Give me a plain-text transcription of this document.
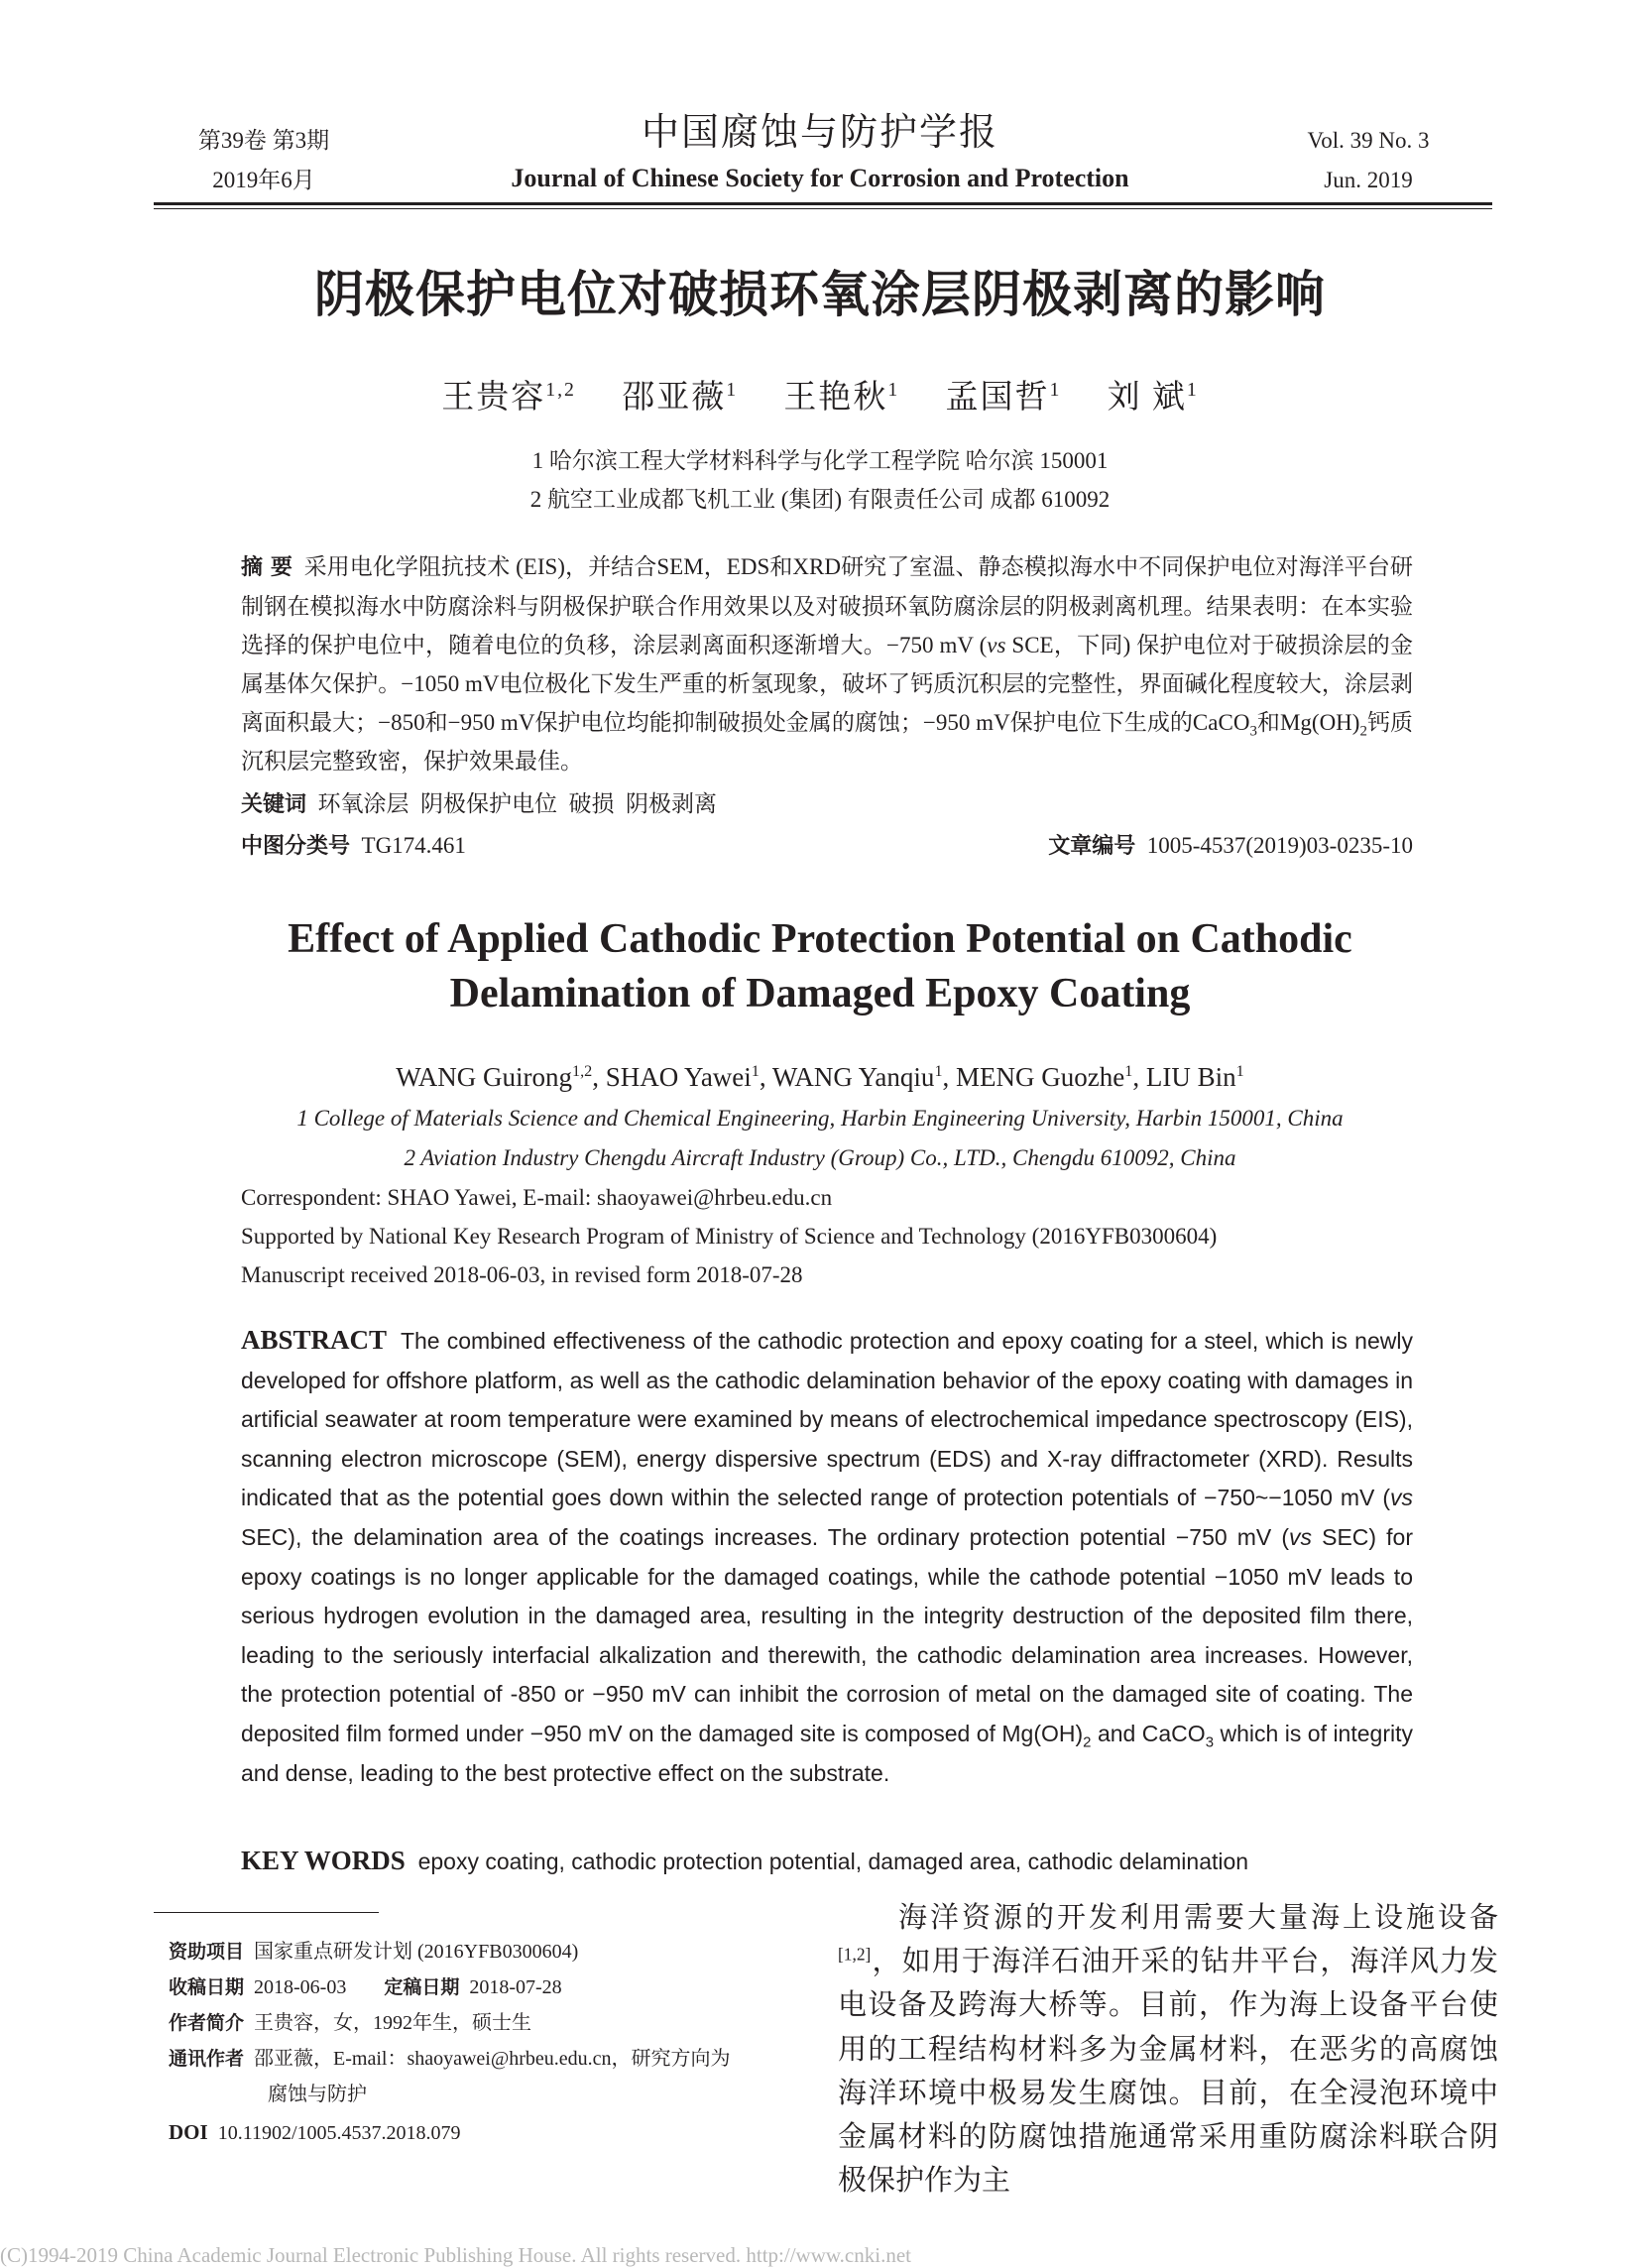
第39卷 第3期
2019年6月
中国腐蚀与防护学报
Journal of Chinese Society for Corrosion and Protection
Vol. 39 No. 3
Jun. 2019
阴极保护电位对破损环氧涂层阴极剥离的影响
王贵容$^{1,2}$ 邵亚薇$^1$ 王艳秋$^1$ 孟国哲$^1$ 刘 斌$^1$
1 哈尔滨工程大学材料科学与化学工程学院 哈尔滨 150001
2 航空工业成都飞机工业 (集团) 有限责任公司 成都 610092
摘 要 采用电化学阻抗技术 (EIS)，并结合SEM，EDS和XRD研究了室温、静态模拟海水中不同保护电位对海洋平台研制钢在模拟海水中防腐涂料与阴极保护联合作用效果以及对破损环氧防腐涂层的阴极剥离机理。结果表明：在本实验选择的保护电位中，随着电位的负移，涂层剥离面积逐渐增大。−750 mV (vs SCE，下同) 保护电位对于破损涂层的金属基体欠保护。−1050 mV电位极化下发生严重的析氢现象，破坏了钙质沉积层的完整性，界面碱化程度较大，涂层剥离面积最大；−850和−950 mV保护电位均能抑制破损处金属的腐蚀；−950 mV保护电位下生成的CaCO$_3$和$Mg(OH)_2$钙质沉积层完整致密，保护效果最佳。
关键词 环氧涂层  阴极保护电位  破损  阴极剥离
中图分类号 TG174.461	文章编号 1005-4537(2019)03-0235-10
Effect of Applied Cathodic Protection Potential on Cathodic
Delamination of Damaged Epoxy Coating
WANG Guirong$^{1,2}$, SHAO Yawei$^1$, WANG Yanqiu$^1$, MENG Guozhe$^1$, LIU Bin$^1$
1 College of Materials Science and Chemical Engineering, Harbin Engineering University, Harbin 150001, China
2 Aviation Industry Chengdu Aircraft Industry (Group) Co., LTD., Chengdu 610092, China
Correspondent: SHAO Yawei, E-mail: shaoyawei@hrbeu.edu.cn
Supported by National Key Research Program of Ministry of Science and Technology (2016YFB0300604)
Manuscript received 2018-06-03, in revised form 2018-07-28
ABSTRACT The combined effectiveness of the cathodic protection and epoxy coating for a steel, which is newly developed for offshore platform, as well as the cathodic delamination behavior of the epoxy coating with damages in artificial seawater at room temperature were examined by means of electrochemical impedance spectroscopy (EIS), scanning electron microscope (SEM), energy dispersive spectrum (EDS) and X-ray diffractometer (XRD). Results indicated that as the potential goes down within the selected range of protection potentials of −750~−1050 mV (vs SEC), the delamination area of the coatings increases. The ordinary protection potential −750 mV (vs SEC) for epoxy coatings is no longer applicable for the damaged coatings, while the cathode potential −1050 mV leads to serious hydrogen evolution in the damaged area, resulting in the integrity destruction of the deposited film there, leading to the seriously interfacial alkalization and therewith, the cathodic delamination area increases. However, the protection potential of -850 or −950 mV can inhibit the corrosion of metal on the damaged site of coating. The deposited film formed under −950 mV on the damaged site is composed of $Mg(OH)_2$ and CaCO$_3$ which is of integrity and dense, leading to the best protective effect on the substrate.
KEY WORDS epoxy coating, cathodic protection potential, damaged area, cathodic delamination
资助项目 国家重点研发计划 (2016YFB0300604)
收稿日期 2018-06-03 定稿日期 2018-07-28
作者简介 王贵容，女，1992年生，硕士生
通讯作者 邵亚薇，E-mail：shaoyawei@hrbeu.edu.cn，研究方向为
腐蚀与防护
DOI 10.11902/1005.4537.2018.079
海洋资源的开发利用需要大量海上设施设备[1,2]，如用于海洋石油开采的钻井平台，海洋风力发电设备及跨海大桥等。目前，作为海上设备平台使用的工程结构材料多为金属材料，在恶劣的高腐蚀海洋环境中极易发生腐蚀。目前，在全浸泡环境中金属材料的防腐蚀措施通常采用重防腐涂料联合阴极保护作为主
(C)1994-2019 China Academic Journal Electronic Publishing House. All rights reserved. http://www.cnki.net
